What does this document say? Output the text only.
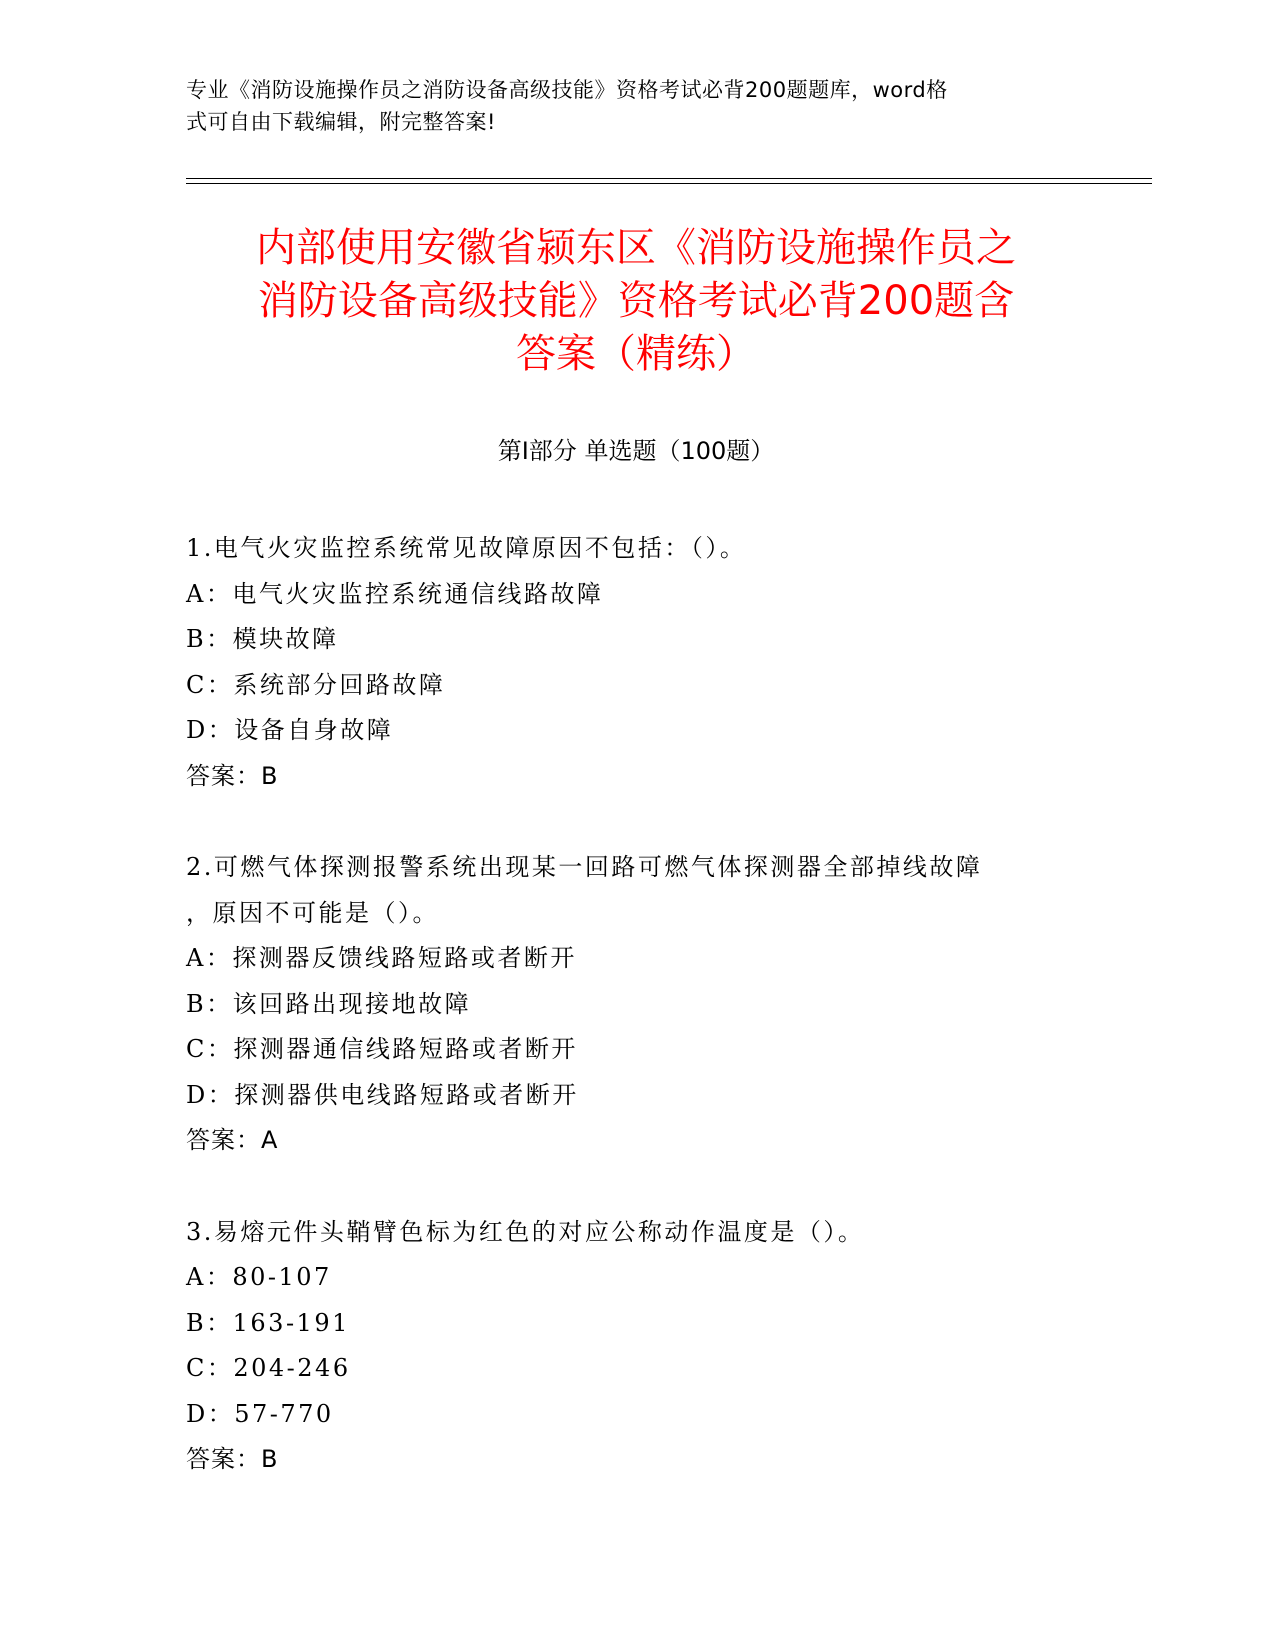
专业《消防设施操作员之消防设备高级技能》资格考试必背200题题库，word格
式可自由下载编辑，附完整答案!
内部使用安徽省颍东区《消防设施操作员之
消防设备高级技能》资格考试必背200题含
答案（精练）
第Ⅰ部分 单选题（100题）
1.电气火灾监控系统常见故障原因不包括：（）。
A：电气火灾监控系统通信线路故障
B：模块故障
C：系统部分回路故障
D：设备自身故障
答案：B
2.可燃气体探测报警系统出现某一回路可燃气体探测器全部掉线故障
，原因不可能是（）。
A：探测器反馈线路短路或者断开
B：该回路出现接地故障
C：探测器通信线路短路或者断开
D：探测器供电线路短路或者断开
答案：A
3.易熔元件头鞘臂色标为红色的对应公称动作温度是（）。
A：80-107
B：163-191
C：204-246
D：57-770
答案：B
